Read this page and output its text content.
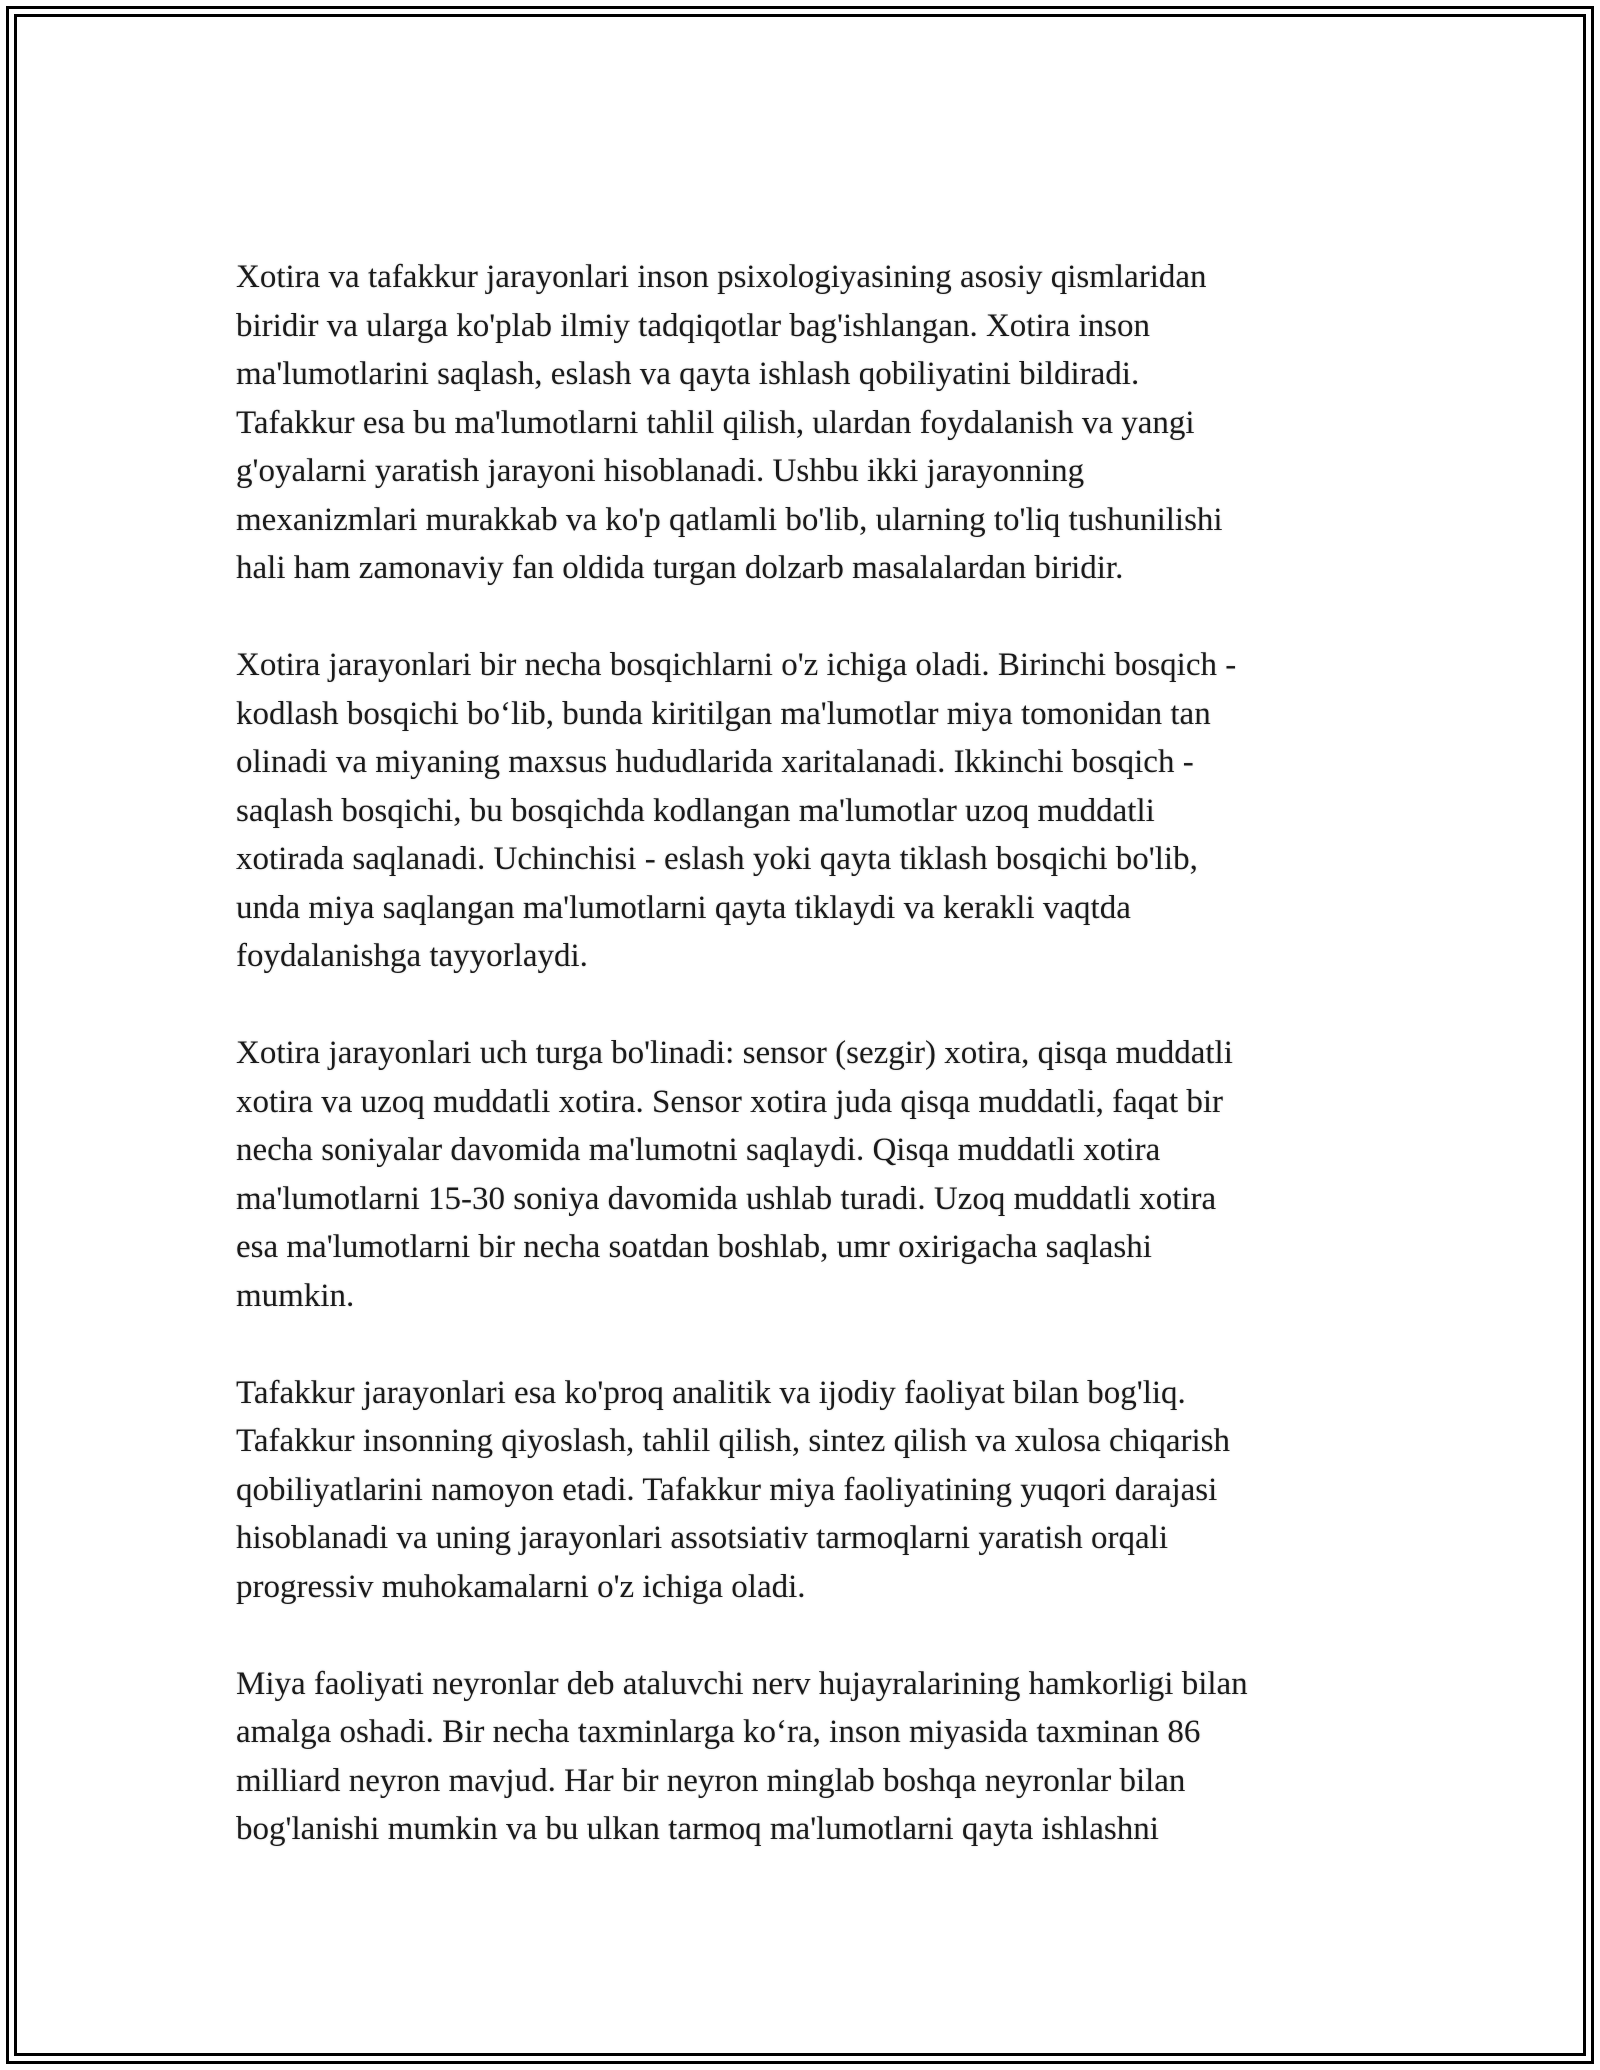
Xotira va tafakkur jarayonlari inson psixologiyasining asosiy qismlaridan
biridir va ularga ko'plab ilmiy tadqiqotlar bag'ishlangan. Xotira inson
ma'lumotlarini saqlash, eslash va qayta ishlash qobiliyatini bildiradi.
Tafakkur esa bu ma'lumotlarni tahlil qilish, ulardan foydalanish va yangi
g'oyalarni yaratish jarayoni hisoblanadi. Ushbu ikki jarayonning
mexanizmlari murakkab va ko'p qatlamli bo'lib, ularning to'liq tushunilishi
hali ham zamonaviy fan oldida turgan dolzarb masalalardan biridir.

Xotira jarayonlari bir necha bosqichlarni o'z ichiga oladi. Birinchi bosqich -
kodlash bosqichi bo‘lib, bunda kiritilgan ma'lumotlar miya tomonidan tan
olinadi va miyaning maxsus hududlarida xaritalanadi. Ikkinchi bosqich -
saqlash bosqichi, bu bosqichda kodlangan ma'lumotlar uzoq muddatli
xotirada saqlanadi. Uchinchisi - eslash yoki qayta tiklash bosqichi bo'lib,
unda miya saqlangan ma'lumotlarni qayta tiklaydi va kerakli vaqtda
foydalanishga tayyorlaydi.

Xotira jarayonlari uch turga bo'linadi: sensor (sezgir) xotira, qisqa muddatli
xotira va uzoq muddatli xotira. Sensor xotira juda qisqa muddatli, faqat bir
necha soniyalar davomida ma'lumotni saqlaydi. Qisqa muddatli xotira
ma'lumotlarni 15-30 soniya davomida ushlab turadi. Uzoq muddatli xotira
esa ma'lumotlarni bir necha soatdan boshlab, umr oxirigacha saqlashi
mumkin.

Tafakkur jarayonlari esa ko'proq analitik va ijodiy faoliyat bilan bog'liq.
Tafakkur insonning qiyoslash, tahlil qilish, sintez qilish va xulosa chiqarish
qobiliyatlarini namoyon etadi. Tafakkur miya faoliyatining yuqori darajasi
hisoblanadi va uning jarayonlari assotsiativ tarmoqlarni yaratish orqali
progressiv muhokamalarni o'z ichiga oladi.

Miya faoliyati neyronlar deb ataluvchi nerv hujayralarining hamkorligi bilan
amalga oshadi. Bir necha taxminlarga ko‘ra, inson miyasida taxminan 86
milliard neyron mavjud. Har bir neyron minglab boshqa neyronlar bilan
bog'lanishi mumkin va bu ulkan tarmoq ma'lumotlarni qayta ishlashni
